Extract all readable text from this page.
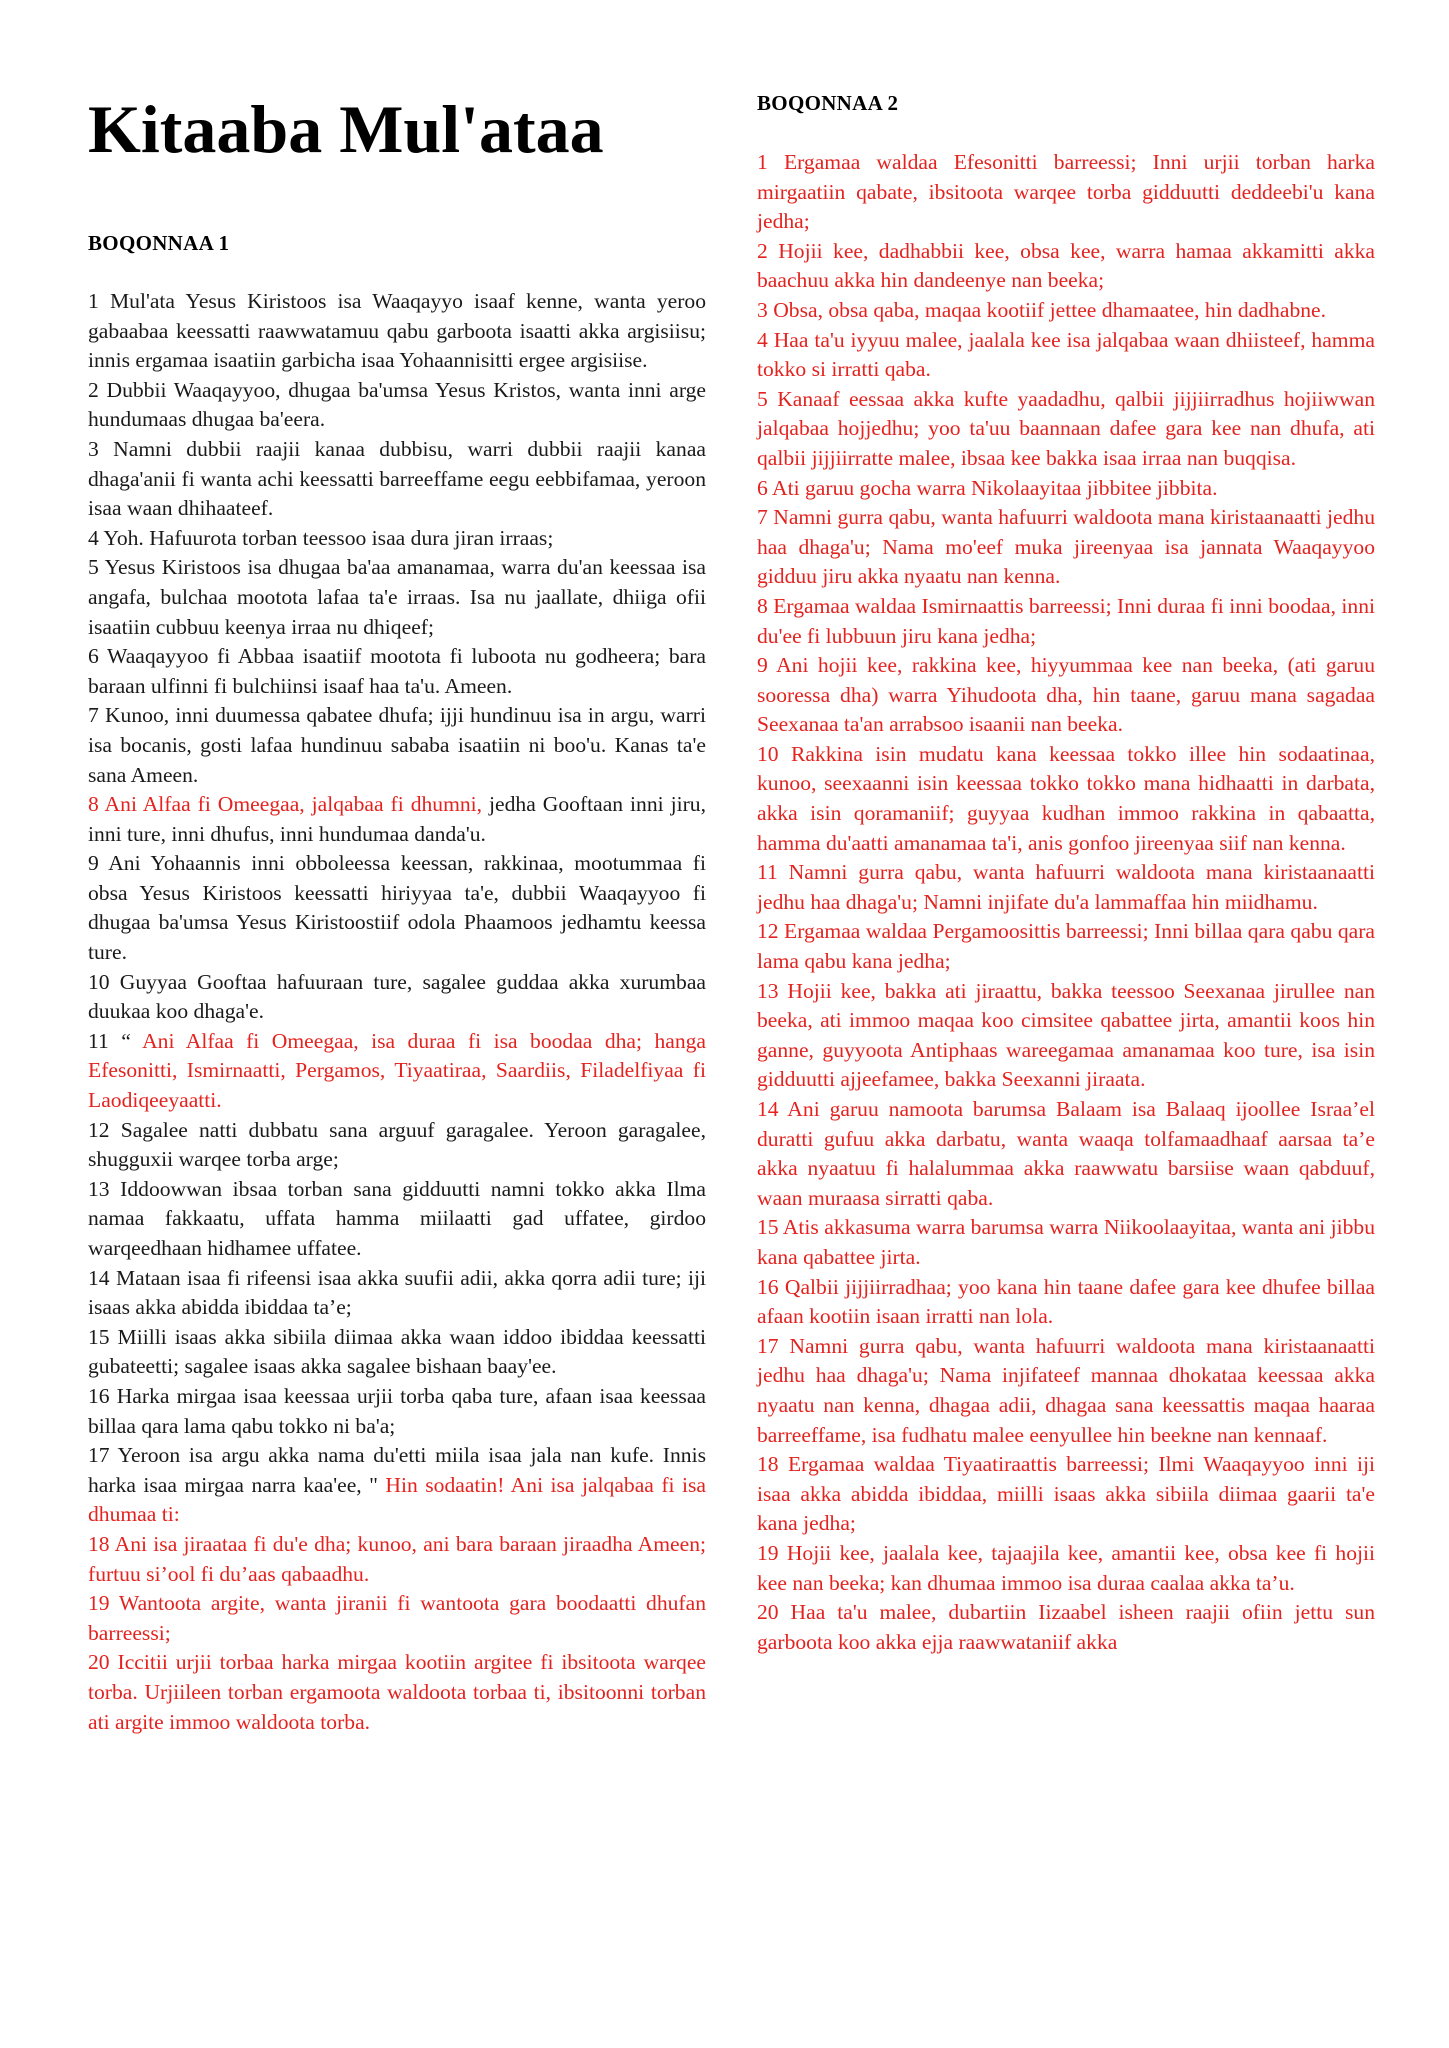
Kitaaba Mul'ataa
BOQONNAA 1

1 Mul'ata Yesus Kiristoos isa Waaqayyo isaaf kenne, wanta yeroo gabaabaa keessatti raawwatamuu qabu garboota isaatti akka argisiisu; innis ergamaa isaatiin garbicha isaa Yohaannisitti ergee argisiise.

2 Dubbii Waaqayyoo, dhugaa ba'umsa Yesus Kristos, wanta inni arge hundumaas dhugaa ba'eera.

3 Namni dubbii raajii kanaa dubbisu, warri dubbii raajii kanaa dhaga'anii fi wanta achi keessatti barreeffame eegu eebbifamaa, yeroon isaa waan dhihaateef.

4 Yoh. Hafuurota torban teessoo isaa dura jiran irraas;

5 Yesus Kiristoos isa dhugaa ba'aa amanamaa, warra du'an keessaa isa angafa, bulchaa mootota lafaa ta'e irraas. Isa nu jaallate, dhiiga ofii isaatiin cubbuu keenya irraa nu dhiqeef;

6 Waaqayyoo fi Abbaa isaatiif mootota fi luboota nu godheera; bara baraan ulfinni fi bulchiinsi isaaf haa ta'u. Ameen.

7 Kunoo, inni duumessa qabatee dhufa; ijji hundinuu isa in argu, warri isa bocanis, gosti lafaa hundinuu sababa isaatiin ni boo'u. Kanas ta'e sana Ameen.

8 Ani Alfaa fi Omeegaa, jalqabaa fi dhumni, jedha Gooftaan inni jiru, inni ture, inni dhufus, inni hundumaa danda'u.

9 Ani Yohaannis inni obboleessa keessan, rakkinaa, mootummaa fi obsa Yesus Kiristoos keessatti hiriyyaa ta'e, dubbii Waaqayyoo fi dhugaa ba'umsa Yesus Kiristoostiif odola Phaamoos jedhamtu keessa ture.

10 Guyyaa Gooftaa hafuuraan ture, sagalee guddaa akka xurumbaa duukaa koo dhaga'e.

11 “ Ani Alfaa fi Omeegaa, isa duraa fi isa boodaa dha; hanga Efesonitti, Ismirnaatti, Pergamos, Tiyaatiraa, Saardiis, Filadelfiyaa fi Laodiqeeyaatti.

12 Sagalee natti dubbatu sana arguuf garagalee. Yeroon garagalee, shugguxii warqee torba arge;

13 Iddoowwan ibsaa torban sana gidduutti namni tokko akka Ilma namaa fakkaatu, uffata hamma miilaatti gad uffatee, girdoo warqeedhaan hidhamee uffatee.

14 Mataan isaa fi rifeensi isaa akka suufii adii, akka qorra adii ture; iji isaas akka abidda ibiddaa ta’e;

15 Miilli isaas akka sibiila diimaa akka waan iddoo ibiddaa keessatti gubateetti; sagalee isaas akka sagalee bishaan baay'ee.

16 Harka mirgaa isaa keessaa urjii torba qaba ture, afaan isaa keessaa billaa qara lama qabu tokko ni ba'a;

17 Yeroon isa argu akka nama du'etti miila isaa jala nan kufe. Innis harka isaa mirgaa narra kaa'ee, " Hin sodaatin! Ani isa jalqabaa fi isa dhumaa ti:

18 Ani isa jiraataa fi du'e dha; kunoo, ani bara baraan jiraadha Ameen; furtuu si’ool fi du’aas qabaadhu.

19 Wantoota argite, wanta jiranii fi wantoota gara boodaatti dhufan barreessi;

20 Iccitii urjii torbaa harka mirgaa kootiin argitee fi ibsitoota warqee torba. Urjiileen torban ergamoota waldoota torbaa ti, ibsitoonni torban ati argite immoo waldoota torba.

BOQONNAA 2

1 Ergamaa waldaa Efesonitti barreessi; Inni urjii torban harka mirgaatiin qabate, ibsitoota warqee torba gidduutti deddeebi'u kana jedha;

2 Hojii kee, dadhabbii kee, obsa kee, warra hamaa akkamitti akka baachuu akka hin dandeenye nan beeka;

3 Obsa, obsa qaba, maqaa kootiif jettee dhamaatee, hin dadhabne.

4 Haa ta'u iyyuu malee, jaalala kee isa jalqabaa waan dhiisteef, hamma tokko si irratti qaba.

5 Kanaaf eessaa akka kufte yaadadhu, qalbii jijjiirradhus hojiiwwan jalqabaa hojjedhu; yoo ta'uu baannaan dafee gara kee nan dhufa, ati qalbii jijjiirratte malee, ibsaa kee bakka isaa irraa nan buqqisa.

6 Ati garuu gocha warra Nikolaayitaa jibbitee jibbita.

7 Namni gurra qabu, wanta hafuurri waldoota mana kiristaanaatti jedhu haa dhaga'u; Nama mo'eef muka jireenyaa isa jannata Waaqayyoo gidduu jiru akka nyaatu nan kenna.

8 Ergamaa waldaa Ismirnaattis barreessi; Inni duraa fi inni boodaa, inni du'ee fi lubbuun jiru kana jedha;

9 Ani hojii kee, rakkina kee, hiyyummaa kee nan beeka, (ati garuu sooressa dha) warra Yihudoota dha, hin taane, garuu mana sagadaa Seexanaa ta'an arrabsoo isaanii nan beeka.

10 Rakkina isin mudatu kana keessaa tokko illee hin sodaatinaa, kunoo, seexaanni isin keessaa tokko tokko mana hidhaatti in darbata, akka isin qoramaniif; guyyaa kudhan immoo rakkina in qabaatta, hamma du'aatti amanamaa ta'i, anis gonfoo jireenyaa siif nan kenna.

11 Namni gurra qabu, wanta hafuurri waldoota mana kiristaanaatti jedhu haa dhaga'u; Namni injifate du'a lammaffaa hin miidhamu.

12 Ergamaa waldaa Pergamoosittis barreessi; Inni billaa qara qabu qara lama qabu kana jedha;

13 Hojii kee, bakka ati jiraattu, bakka teessoo Seexanaa jirullee nan beeka, ati immoo maqaa koo cimsitee qabattee jirta, amantii koos hin ganne, guyyoota Antiphaas wareegamaa amanamaa koo ture, isa isin gidduutti ajjeefamee, bakka Seexanni jiraata.

14 Ani garuu namoota barumsa Balaam isa Balaaq ijoollee Israa’el duratti gufuu akka darbatu, wanta waaqa tolfamaadhaaf aarsaa ta’e akka nyaatuu fi halalummaa akka raawwatu barsiise waan qabduuf, waan muraasa sirratti qaba.

15 Atis akkasuma warra barumsa warra Niikoolaayitaa, wanta ani jibbu kana qabattee jirta.

16 Qalbii jijjiirradhaa; yoo kana hin taane dafee gara kee dhufee billaa afaan kootiin isaan irratti nan lola.

17 Namni gurra qabu, wanta hafuurri waldoota mana kiristaanaatti jedhu haa dhaga'u; Nama injifateef mannaa dhokataa keessaa akka nyaatu nan kenna, dhagaa adii, dhagaa sana keessattis maqaa haaraa barreeffame, isa fudhatu malee eenyullee hin beekne nan kennaaf.

18 Ergamaa waldaa Tiyaatiraattis barreessi; Ilmi Waaqayyoo inni iji isaa akka abidda ibiddaa, miilli isaas akka sibiila diimaa gaarii ta'e kana jedha;

19 Hojii kee, jaalala kee, tajaajila kee, amantii kee, obsa kee fi hojii kee nan beeka; kan dhumaa immoo isa duraa caalaa akka ta’u.

20 Haa ta'u malee, dubartiin Iizaabel isheen raajii ofiin jettu sun garboota koo akka ejja raawwataniif akka
